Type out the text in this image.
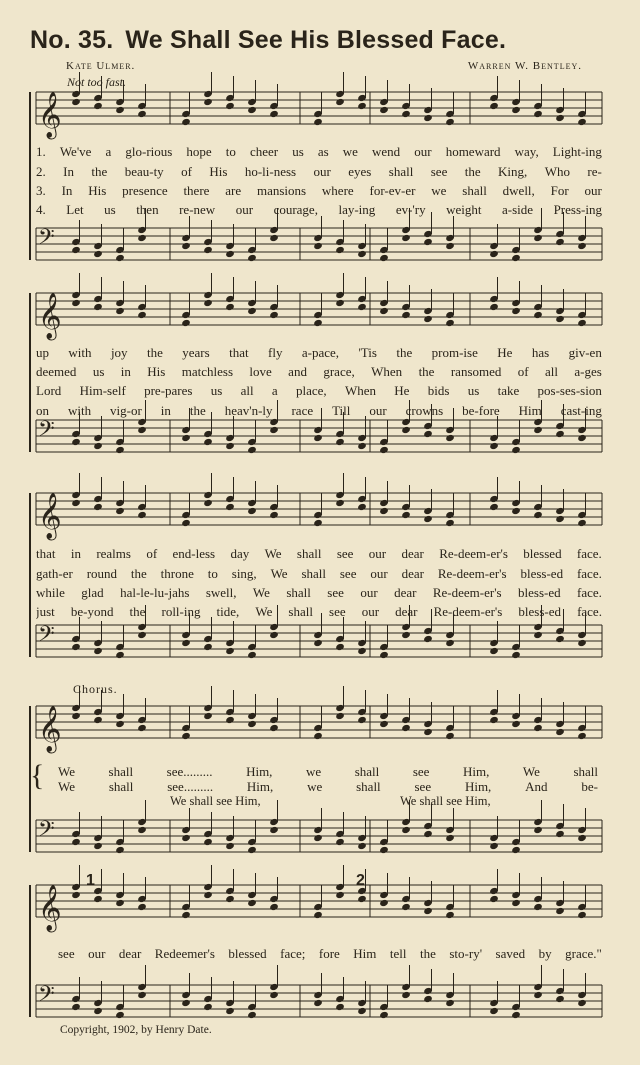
No. 35. We Shall See His Blessed Face.
Kate Ulmer.	Warren W. Bentley.
Not too fast.
𝄞
𝄢
𝄞
𝄢
𝄞
𝄢
𝄞
𝄢
𝄞
𝄢
1. We've a glo-rious hope to cheer us as we wend our homeward way, Light-ing
2. In the beau-ty of His ho-li-ness our eyes shall see the King, Who re-
3. In His presence there are mansions where for-ev-er we shall dwell, For our
4. Let us then re-new our courage, lay-ing ev-'ry weight a-side Press-ing
up with joy the years that fly a-pace, 'Tis the prom-ise He has giv-en
deemed us in His matchless love and grace, When the ransomed of all a-ges
Lord Him-self pre-pares us all a place, When He bids us take pos-ses-sion
on with vig-or in the heav'n-ly race Till our crowns be-fore Him cast-ing
that in realms of end-less day We shall see our dear Re-deem-er's blessed face.
gath-er round the throne to sing, We shall see our dear Re-deem-er's bless-ed face.
while glad hal-le-lu-jahs swell, We shall see our dear Re-deem-er's bless-ed face.
just be-yond the roll-ing tide, We shall see our dear Re-deem-er's bless-ed face.
Chorus.
{ We	shall	see.........	Him,	we	shall	see	Him,	We	shall
We	shall	see.........	Him,	we	shall	see	Him,	And	be-
We shall see Him,	We shall see Him,
1	2
see our dear Redeemer's blessed face; fore Him tell the sto-ry' saved by grace."
Copyright, 1902, by Henry Date.
